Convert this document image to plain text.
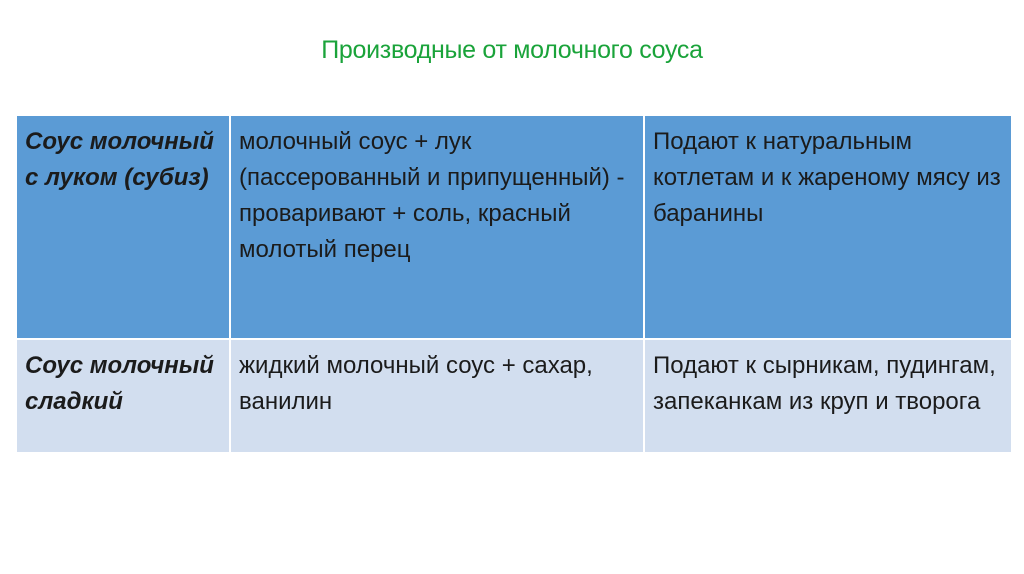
Производные от молочного соуса
Соус молочный с луком (субиз)	молочный соус + лук (пассерованный и припущенный) - проваривают + соль, красный молотый перец	Подают к натуральным котлетам и к жареному мясу из баранины
Соус молочный сладкий	жидкий молочный соус + сахар, ванилин	Подают к сырникам, пудингам, запеканкам из круп и творога
